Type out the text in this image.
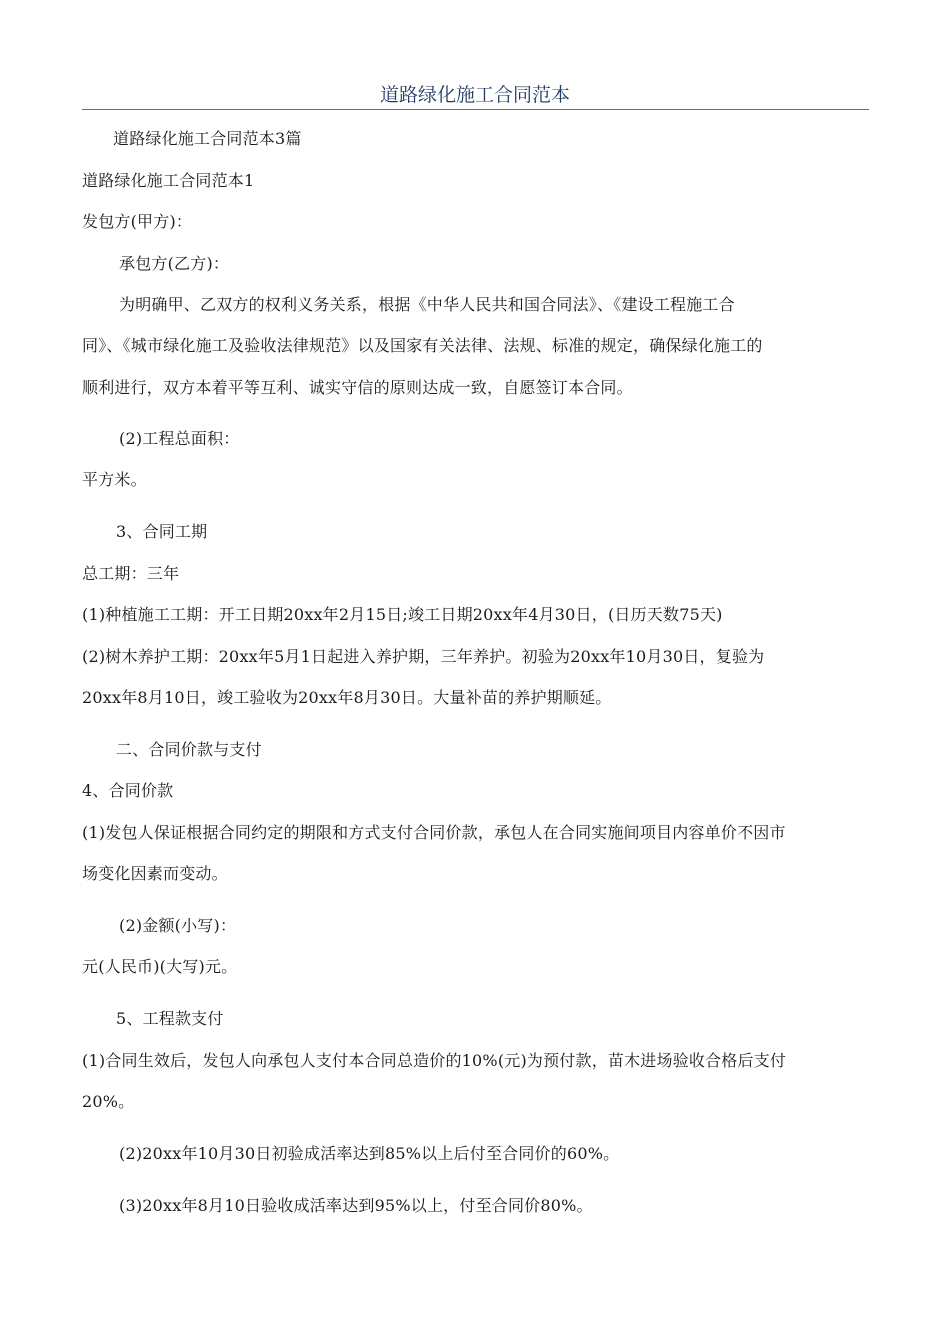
道路绿化施工合同范本
道路绿化施工合同范本3篇
道路绿化施工合同范本1
发包方(甲方)：
承包方(乙方)：
为明确甲、乙双方的权利义务关系，根据《中华人民共和国合同法》、《建设工程施工合
同》、《城市绿化施工及验收法律规范》以及国家有关法律、法规、标准的规定，确保绿化施工的
顺利进行，双方本着平等互利、诚实守信的原则达成一致，自愿签订本合同。
(2)工程总面积：
平方米。
3、合同工期
总工期：三年
(1)种植施工工期：开工日期20xx年2月15日;竣工日期20xx年4月30日，(日历天数75天)
(2)树木养护工期：20xx年5月1日起进入养护期，三年养护。初验为20xx年10月30日，复验为
20xx年8月10日，竣工验收为20xx年8月30日。大量补苗的养护期顺延。
二、合同价款与支付
4、合同价款
(1)发包人保证根据合同约定的期限和方式支付合同价款，承包人在合同实施间项目内容单价不因市
场变化因素而变动。
(2)金额(小写)：
元(人民币)(大写)元。
5、工程款支付
(1)合同生效后，发包人向承包人支付本合同总造价的10%(元)为预付款，苗木进场验收合格后支付
20%。
(2)20xx年10月30日初验成活率达到85%以上后付至合同价的60%。
(3)20xx年8月10日验收成活率达到95%以上，付至合同价80%。
